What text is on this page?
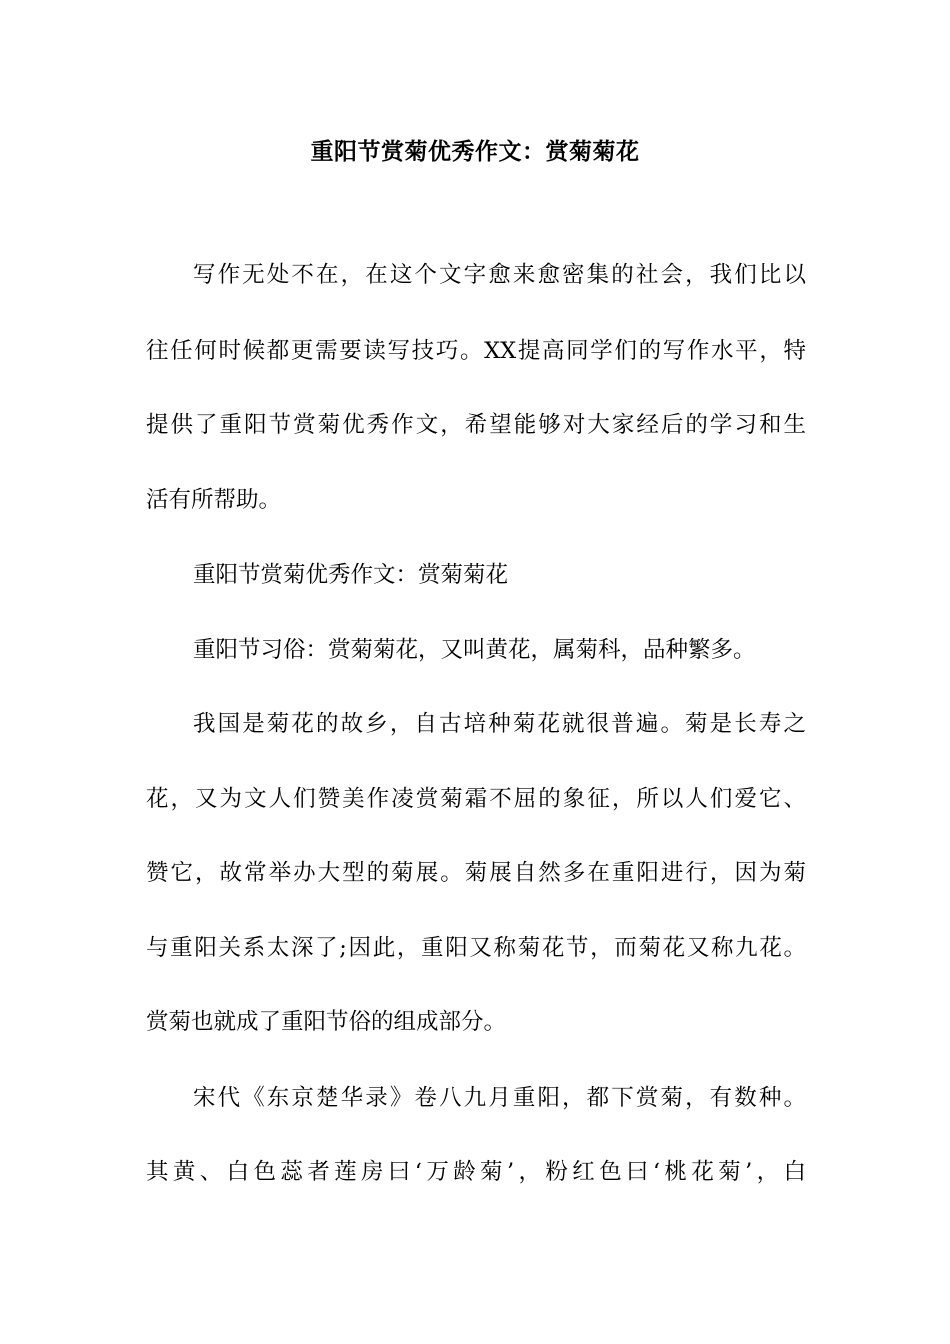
重阳节赏菊优秀作文：赏菊菊花
写作无处不在，在这个文字愈来愈密集的社会，我们比以
往任何时候都更需要读写技巧。XX提高同学们的写作水平，特
提供了重阳节赏菊优秀作文，希望能够对大家经后的学习和生
活有所帮助。
重阳节赏菊优秀作文：赏菊菊花
重阳节习俗：赏菊菊花，又叫黄花，属菊科，品种繁多。
我国是菊花的故乡，自古培种菊花就很普遍。菊是长寿之
花，又为文人们赞美作凌赏菊霜不屈的象征，所以人们爱它、
赞它，故常举办大型的菊展。菊展自然多在重阳进行，因为菊
与重阳关系太深了;因此，重阳又称菊花节，而菊花又称九花。
赏菊也就成了重阳节俗的组成部分。
宋代《东京楚华录》卷八九月重阳，都下赏菊，有数种。
其黄、白色蕊者莲房曰‘万龄菊’，粉红色曰‘桃花菊’，白
